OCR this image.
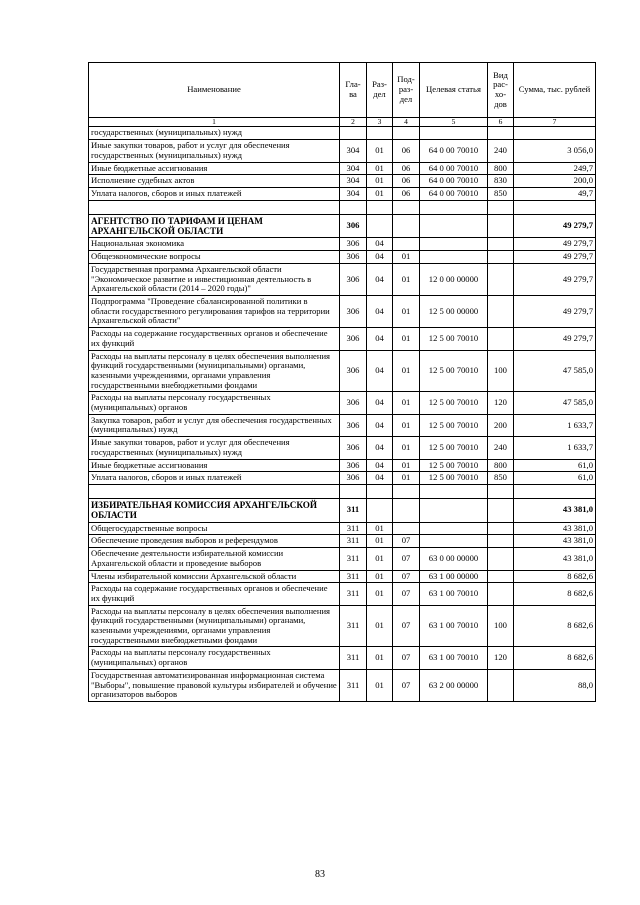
Наименование	Гла-ва	Раз-дел	Под-раз-дел	Целевая статья	Вид рас-хо-дов	Сумма, тыс. рублей
1	2	3	4	5	6	7
государственных (муниципальных) нужд						
Иные закупки товаров, работ и услуг для обеспечения государственных (муниципальных) нужд	304	01	06	64 0 00 70010	240	3 056,0
Иные бюджетные ассигнования	304	01	06	64 0 00 70010	800	249,7
Исполнение судебных актов	304	01	06	64 0 00 70010	830	200,0
Уплата налогов, сборов и иных платежей	304	01	06	64 0 00 70010	850	49,7

АГЕНТСТВО ПО ТАРИФАМ И ЦЕНАМ АРХАНГЕЛЬСКОЙ ОБЛАСТИ	306					49 279,7
Национальная экономика	306	04				49 279,7
Общеэкономические вопросы	306	04	01			49 279,7
Государственная программа Архангельской области "Экономическое развитие и инвестиционная деятельность в Архангельской области (2014 – 2020 годы)"	306	04	01	12 0 00 00000		49 279,7
Подпрограмма "Проведение сбалансированной политики в области государственного регулирования тарифов на территории Архангельской области"	306	04	01	12 5 00 00000		49 279,7
Расходы на содержание государственных органов и обеспечение их функций	306	04	01	12 5 00 70010		49 279,7
Расходы на выплаты персоналу в целях обеспечения выполнения функций государственными (муниципальными) органами, казенными учреждениями, органами управления государственными внебюджетными фондами	306	04	01	12 5 00 70010	100	47 585,0
Расходы на выплаты персоналу государственных (муниципальных) органов	306	04	01	12 5 00 70010	120	47 585,0
Закупка товаров, работ и услуг для обеспечения государственных (муниципальных) нужд	306	04	01	12 5 00 70010	200	1 633,7
Иные закупки товаров, работ и услуг для обеспечения государственных (муниципальных) нужд	306	04	01	12 5 00 70010	240	1 633,7
Иные бюджетные ассигнования	306	04	01	12 5 00 70010	800	61,0
Уплата налогов, сборов и иных платежей	306	04	01	12 5 00 70010	850	61,0

ИЗБИРАТЕЛЬНАЯ КОМИССИЯ АРХАНГЕЛЬСКОЙ ОБЛАСТИ	311					43 381,0
Общегосударственные вопросы	311	01				43 381,0
Обеспечение проведения выборов и референдумов	311	01	07			43 381,0
Обеспечение деятельности избирательной комиссии Архангельской области и проведение выборов	311	01	07	63 0 00 00000		43 381,0
Члены избирательной комиссии Архангельской области	311	01	07	63 1 00 00000		8 682,6
Расходы на содержание государственных органов и обеспечение их функций	311	01	07	63 1 00 70010		8 682,6
Расходы на выплаты персоналу в целях обеспечения выполнения функций государственными (муниципальными) органами, казенными учреждениями, органами управления государственными внебюджетными фондами	311	01	07	63 1 00 70010	100	8 682,6
Расходы на выплаты персоналу государственных (муниципальных) органов	311	01	07	63 1 00 70010	120	8 682,6
Государственная автоматизированная информационная система "Выборы", повышение правовой культуры избирателей и обучение организаторов выборов	311	01	07	63 2 00 00000		88,0
83
